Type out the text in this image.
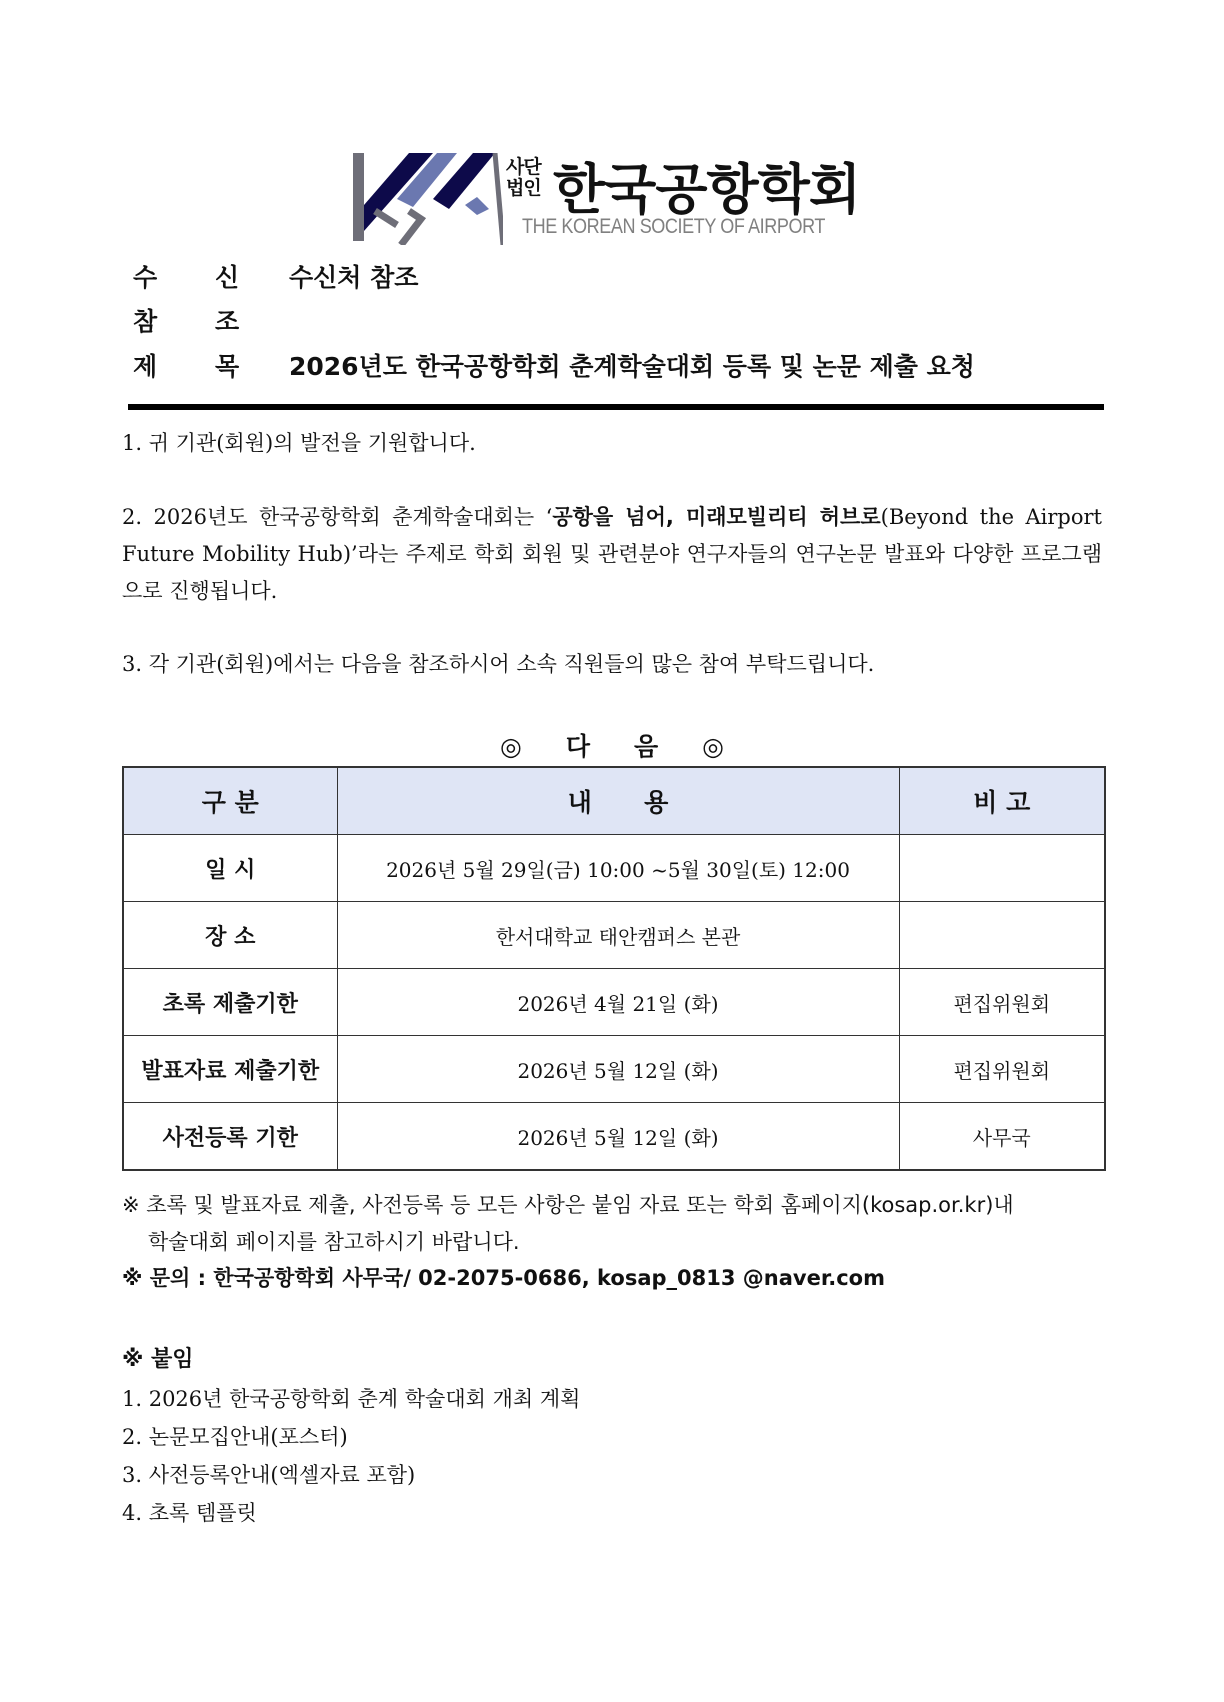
사단
법인 한국공항학회
THE KOREAN SOCIETY OF AIRPORT
수 신 수신처 참조
참 조
제 목 2026년도 한국공항학회 춘계학술대회 등록 및 논문 제출 요청
1. 귀 기관(회원)의 발전을 기원합니다.
2. 2026년도 한국공항학회 춘계학술대회는 ‘공항을 넘어, 미래모빌리티 허브로(Beyond the Airport Future Mobility Hub)’라는 주제로 학회 회원 및 관련분야 연구자들의 연구논문 발표와 다양한 프로그램으로 진행됩니다.
3. 각 기관(회원)에서는 다음을 참조하시어 소속 직원들의 많은 참여 부탁드립니다.
◎ 다 음 ◎
구 분	내      용	비 고
일 시	2026년 5월 29일(금) 10:00 ~5월 30일(토) 12:00	
장 소	한서대학교 태안캠퍼스 본관	
초록 제출기한	2026년 4월 21일 (화)	편집위원회
발표자료 제출기한	2026년 5월 12일 (화)	편집위원회
사전등록 기한	2026년 5월 12일 (화)	사무국
※ 초록 및 발표자료 제출, 사전등록 등 모든 사항은 붙임 자료 또는 학회 홈페이지(kosap.or.kr)내
학술대회 페이지를 참고하시기 바랍니다.
※ 문의 : 한국공항학회 사무국/ 02-2075-0686, kosap_0813 @naver.com
※ 붙임
1. 2026년 한국공항학회 춘계 학술대회 개최 계획
2. 논문모집안내(포스터)
3. 사전등록안내(엑셀자료 포함)
4. 초록 템플릿
